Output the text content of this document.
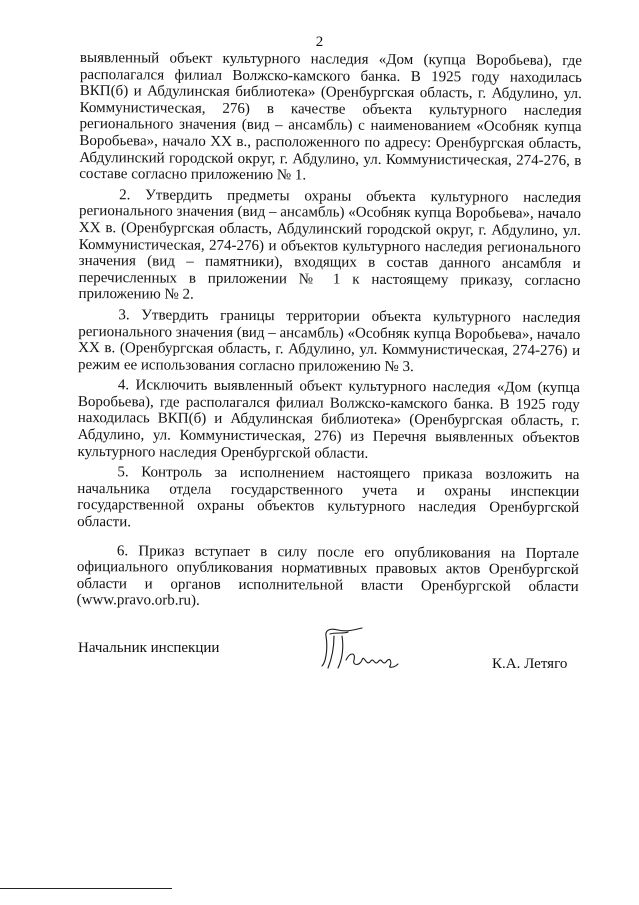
2

выявленный объект культурного наследия «Дом (купца Воробьева), где располагался филиал Волжско-камского банка. В 1925 году находилась ВКП(б) и Абдулинская библиотека» (Оренбургская область, г. Абдулино, ул. Коммунистическая, 276) в качестве объекта культурного наследия регионального значения (вид – ансамбль) с наименованием «Особняк купца Воробьева», начало XX в., расположенного по адресу: Оренбургская область, Абдулинский городской округ, г. Абдулино, ул. Коммунистическая, 274-276, в составе согласно приложению № 1.

2. Утвердить предметы охраны объекта культурного наследия регионального значения (вид – ансамбль) «Особняк купца Воробьева», начало XX в. (Оренбургская область, Абдулинский городской округ, г. Абдулино, ул. Коммунистическая, 274-276) и объектов культурного наследия регионального значения (вид – памятники), входящих в состав данного ансамбля и перечисленных в приложении № 1 к настоящему приказу, согласно приложению № 2.

3. Утвердить границы территории объекта культурного наследия регионального значения (вид – ансамбль) «Особняк купца Воробьева», начало XX в. (Оренбургская область, г. Абдулино, ул. Коммунистическая, 274-276) и режим ее использования согласно приложению № 3.

4. Исключить выявленный объект культурного наследия «Дом (купца Воробьева), где располагался филиал Волжско-камского банка. В 1925 году находилась ВКП(б) и Абдулинская библиотека» (Оренбургская область, г. Абдулино, ул. Коммунистическая, 276) из Перечня выявленных объектов культурного наследия Оренбургской области.

5. Контроль за исполнением настоящего приказа возложить на начальника отдела государственного учета и охраны инспекции государственной охраны объектов культурного наследия Оренбургской области.

6. Приказ вступает в силу после его опубликования на Портале официального опубликования нормативных правовых актов Оренбургской области и органов исполнительной власти Оренбургской области (www.pravo.orb.ru).

Начальник инспекции
К.А. Летяго
